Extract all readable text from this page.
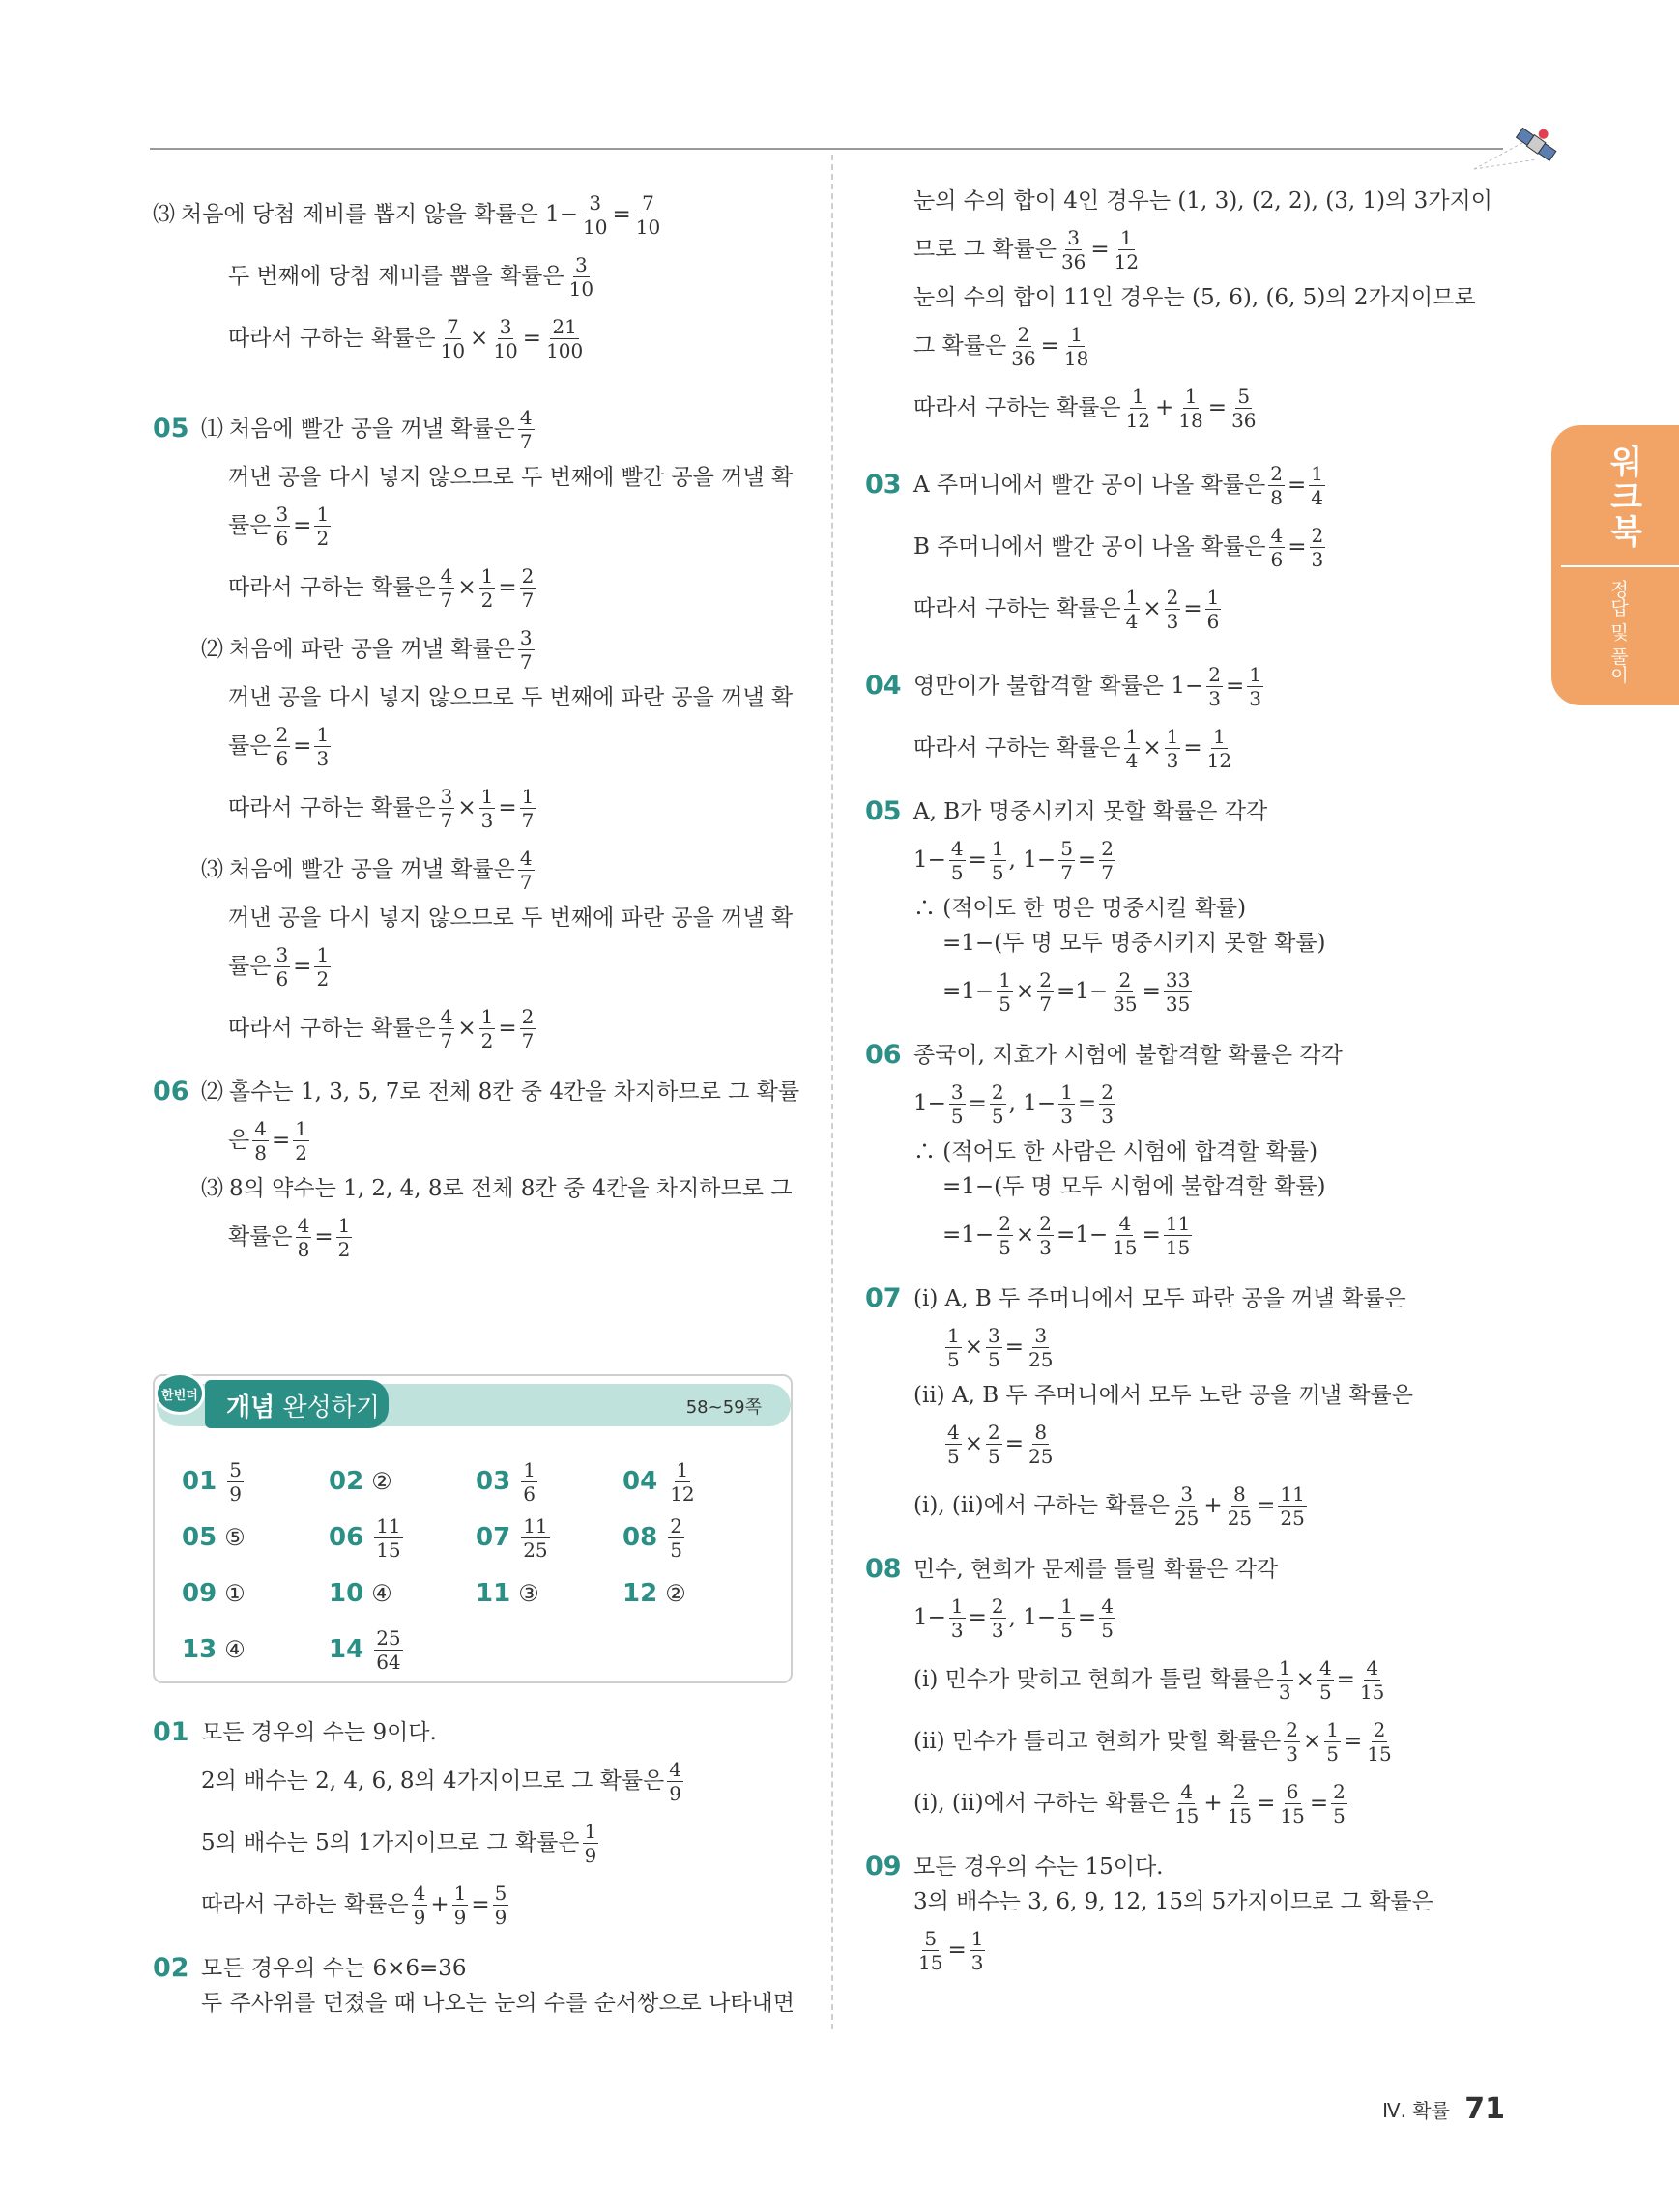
⑶ 처음에 당첨 제비를 뽑지 않을 확률은 $1- \frac{3}{10} = \frac{7}{10}$
두 번째에 당첨 제비를 뽑을 확률은 $\frac{3}{10}$
따라서 구하는 확률은 $\frac{7}{10} \times \frac{3}{10} = \frac{21}{100}$
05 ⑴ 처음에 빨간 공을 꺼낼 확률은 $\frac{4}{7}$
꺼낸 공을 다시 넣지 않으므로 두 번째에 빨간 공을 꺼낼 확
률은 $\frac{3}{6} = \frac{1}{2}$
따라서 구하는 확률은 $\frac{4}{7} \times \frac{1}{2} = \frac{2}{7}$
⑵ 처음에 파란 공을 꺼낼 확률은 $\frac{3}{7}$
꺼낸 공을 다시 넣지 않으므로 두 번째에 파란 공을 꺼낼 확
률은 $\frac{2}{6} = \frac{1}{3}$
따라서 구하는 확률은 $\frac{3}{7} \times \frac{1}{3} = \frac{1}{7}$
⑶ 처음에 빨간 공을 꺼낼 확률은 $\frac{4}{7}$
꺼낸 공을 다시 넣지 않으므로 두 번째에 파란 공을 꺼낼 확
률은 $\frac{3}{6} = \frac{1}{2}$
따라서 구하는 확률은 $\frac{4}{7} \times \frac{1}{2} = \frac{2}{7}$
06 ⑵ 홀수는 1, 3, 5, 7로 전체 8칸 중 4칸을 차지하므로 그 확률
은 $\frac{4}{8} = \frac{1}{2}$
⑶ 8의 약수는 1, 2, 4, 8로 전체 8칸 중 4칸을 차지하므로 그
확률은 $\frac{4}{8} = \frac{1}{2}$
한번더 개념 완성하기	58~59쪽
$01 \frac{5}{9}$	02 ②	$03 \frac{1}{6}$	$04 \frac{1}{12}$
05 ⑤	$06 \frac{11}{15}$	$07 \frac{11}{25}$	$08 \frac{2}{5}$
09 ①	10 ④	11 ③	12 ②
13 ④	$14 \frac{25}{64}$
01 모든 경우의 수는 9이다.
2의 배수는 2, 4, 6, 8의 4가지이므로 그 확률은 $\frac{4}{9}$
5의 배수는 5의 1가지이므로 그 확률은 $\frac{1}{9}$
따라서 구하는 확률은 $\frac{4}{9} + \frac{1}{9} = \frac{5}{9}$
02 모든 경우의 수는 6×6=36
두 주사위를 던졌을 때 나오는 눈의 수를 순서쌍으로 나타내면
눈의 수의 합이 4인 경우는 (1, 3), (2, 2), (3, 1)의 3가지이
므로 그 확률은 $\frac{3}{36} = \frac{1}{12}$
눈의 수의 합이 11인 경우는 (5, 6), (6, 5)의 2가지이므로
그 확률은 $\frac{2}{36} = \frac{1}{18}$
따라서 구하는 확률은 $\frac{1}{12} + \frac{1}{18} = \frac{5}{36}$
03 A 주머니에서 빨간 공이 나올 확률은 $\frac{2}{8} = \frac{1}{4}$
B 주머니에서 빨간 공이 나올 확률은 $\frac{4}{6} = \frac{2}{3}$
따라서 구하는 확률은 $\frac{1}{4} \times \frac{2}{3} = \frac{1}{6}$
04 영만이가 불합격할 확률은 $1- \frac{2}{3} = \frac{1}{3}$
따라서 구하는 확률은 $\frac{1}{4} \times \frac{1}{3} = \frac{1}{12}$
05 A, B가 명중시키지 못할 확률은 각각
$1- \frac{4}{5} = \frac{1}{5}$ , $1- \frac{5}{7} = \frac{2}{7}$
∴ (적어도 한 명은 명중시킬 확률)
=1−(두 명 모두 명중시키지 못할 확률)
$=1- \frac{1}{5} \times \frac{2}{7} =1- \frac{2}{35} = \frac{33}{35}$
06 종국이, 지효가 시험에 불합격할 확률은 각각
$1- \frac{3}{5} = \frac{2}{5}$ , $1- \frac{1}{3} = \frac{2}{3}$
∴ (적어도 한 사람은 시험에 합격할 확률)
=1−(두 명 모두 시험에 불합격할 확률)
$=1- \frac{2}{5} \times \frac{2}{3} =1- \frac{4}{15} = \frac{11}{15}$
07 (ⅰ) A, B 두 주머니에서 모두 파란 공을 꺼낼 확률은
$\frac{1}{5} \times \frac{3}{5} = \frac{3}{25}$
(ⅱ) A, B 두 주머니에서 모두 노란 공을 꺼낼 확률은
$\frac{4}{5} \times \frac{2}{5} = \frac{8}{25}$
(ⅰ), (ⅱ)에서 구하는 확률은 $\frac{3}{25} + \frac{8}{25} = \frac{11}{25}$
08 민수, 현희가 문제를 틀릴 확률은 각각
$1- \frac{1}{3} = \frac{2}{3}$ , $1- \frac{1}{5} = \frac{4}{5}$
(ⅰ) 민수가 맞히고 현희가 틀릴 확률은 $\frac{1}{3} \times \frac{4}{5} = \frac{4}{15}$
(ⅱ) 민수가 틀리고 현희가 맞힐 확률은 $\frac{2}{3} \times \frac{1}{5} = \frac{2}{15}$
(ⅰ), (ⅱ)에서 구하는 확률은 $\frac{4}{15} + \frac{2}{15} = \frac{6}{15} = \frac{2}{5}$
09 모든 경우의 수는 15이다.
3의 배수는 3, 6, 9, 12, 15의 5가지이므로 그 확률은
$\frac{5}{15} = \frac{1}{3}$
워크북
정답 및 풀이
Ⅳ. 확률 71
